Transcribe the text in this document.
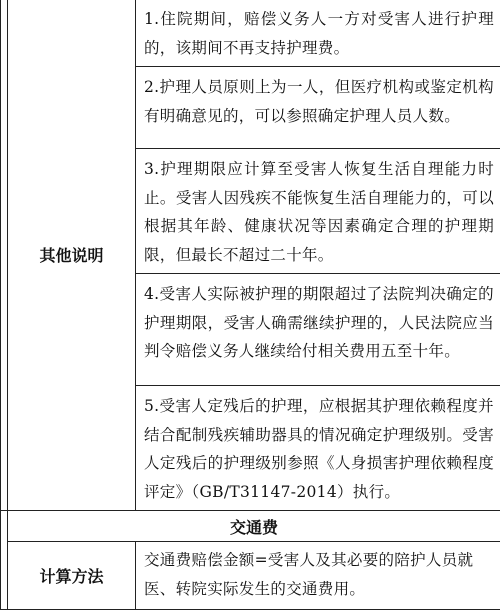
	其他说明	1.住院期间，赔偿义务人一方对受害人进行护理的，该期间不再支持护理费。
		2.护理人员原则上为一人，但医疗机构或鉴定机构有明确意见的，可以参照确定护理人员人数。
		3.护理期限应计算至受害人恢复生活自理能力时止。受害人因残疾不能恢复生活自理能力的，可以根据其年龄、健康状况等因素确定合理的护理期限，但最长不超过二十年。
		4.受害人实际被护理的期限超过了法院判决确定的护理期限，受害人确需继续护理的，人民法院应当判令赔偿义务人继续给付相关费用五至十年。
		5.受害人定残后的护理，应根据其护理依赖程度并结合配制残疾辅助器具的情况确定护理级别。受害人定残后的护理级别参照《人身损害护理依赖程度评定》（GB/T31147-2014）执行。
	交通费	
	计算方法	交通费赔偿金额=受害人及其必要的陪护人员就医、转院实际发生的交通费用。
